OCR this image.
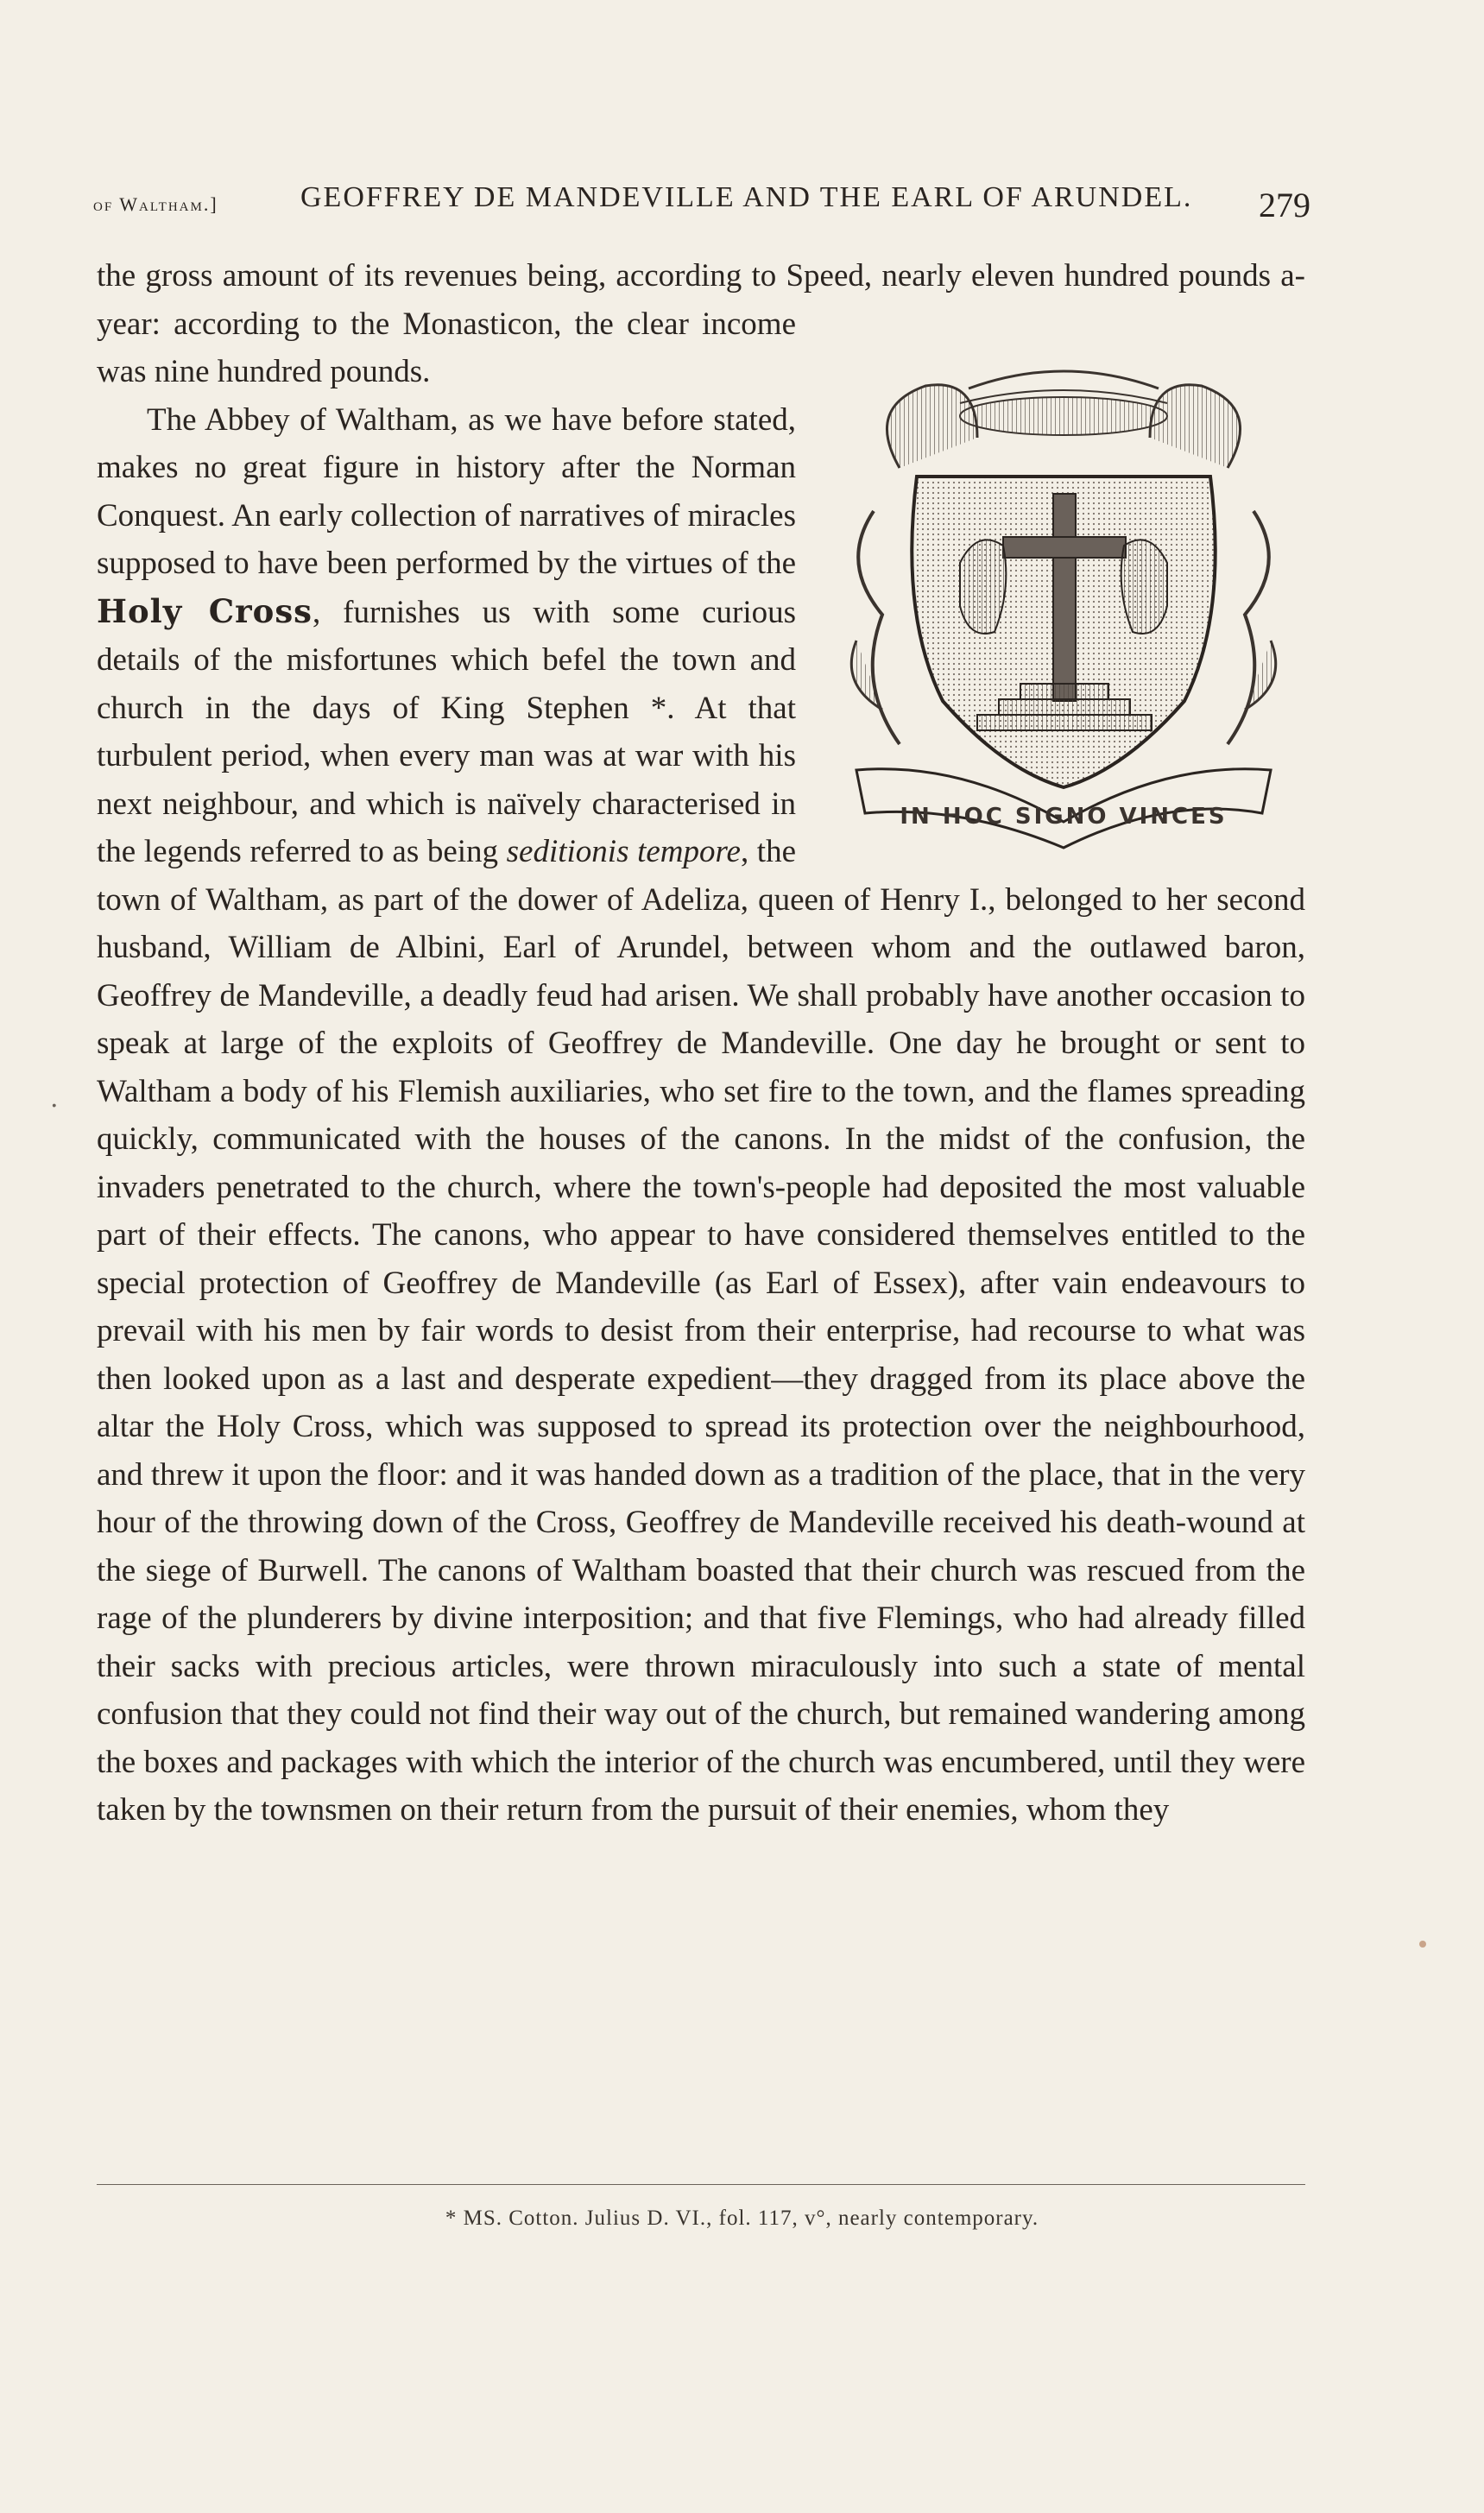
of Waltham.]	GEOFFREY DE MANDEVILLE AND THE EARL OF ARUNDEL. 279
IN HOC SIGNO VINCES

the gross amount of its revenues being, according to Speed, nearly eleven hundred pounds a-year: according to the Monasticon, the clear income was nine hundred pounds.

The Abbey of Waltham, as we have before stated, makes no great figure in history after the Norman Conquest. An early collection of narratives of miracles supposed to have been performed by the virtues of the Holy Cross, furnishes us with some curious details of the misfortunes which befel the town and church in the days of King Stephen *. At that turbulent period, when every man was at war with his next neighbour, and which is naïvely characterised in the legends referred to as being seditionis tempore, the town of Waltham, as part of the dower of Adeliza, queen of Henry I., belonged to her second husband, William de Albini, Earl of Arundel, between whom and the outlawed baron, Geoffrey de Mandeville, a deadly feud had arisen. We shall probably have another occasion to speak at large of the exploits of Geoffrey de Mandeville. One day he brought or sent to Waltham a body of his Flemish auxiliaries, who set fire to the town, and the flames spreading quickly, communicated with the houses of the canons. In the midst of the confusion, the invaders penetrated to the church, where the town's-people had deposited the most valuable part of their effects. The canons, who appear to have considered themselves entitled to the special protection of Geoffrey de Mandeville (as Earl of Essex), after vain endeavours to prevail with his men by fair words to desist from their enterprise, had recourse to what was then looked upon as a last and desperate expedient—they dragged from its place above the altar the Holy Cross, which was supposed to spread its protection over the neighbourhood, and threw it upon the floor: and it was handed down as a tradition of the place, that in the very hour of the throwing down of the Cross, Geoffrey de Mandeville received his death-wound at the siege of Burwell. The canons of Waltham boasted that their church was rescued from the rage of the plunderers by divine interposition; and that five Flemings, who had already filled their sacks with precious articles, were thrown miraculously into such a state of mental confusion that they could not find their way out of the church, but remained wandering among the boxes and packages with which the interior of the church was encumbered, until they were taken by the townsmen on their return from the pursuit of their enemies, whom they

* MS. Cotton. Julius D. VI., fol. 117, v°, nearly contemporary.
.
